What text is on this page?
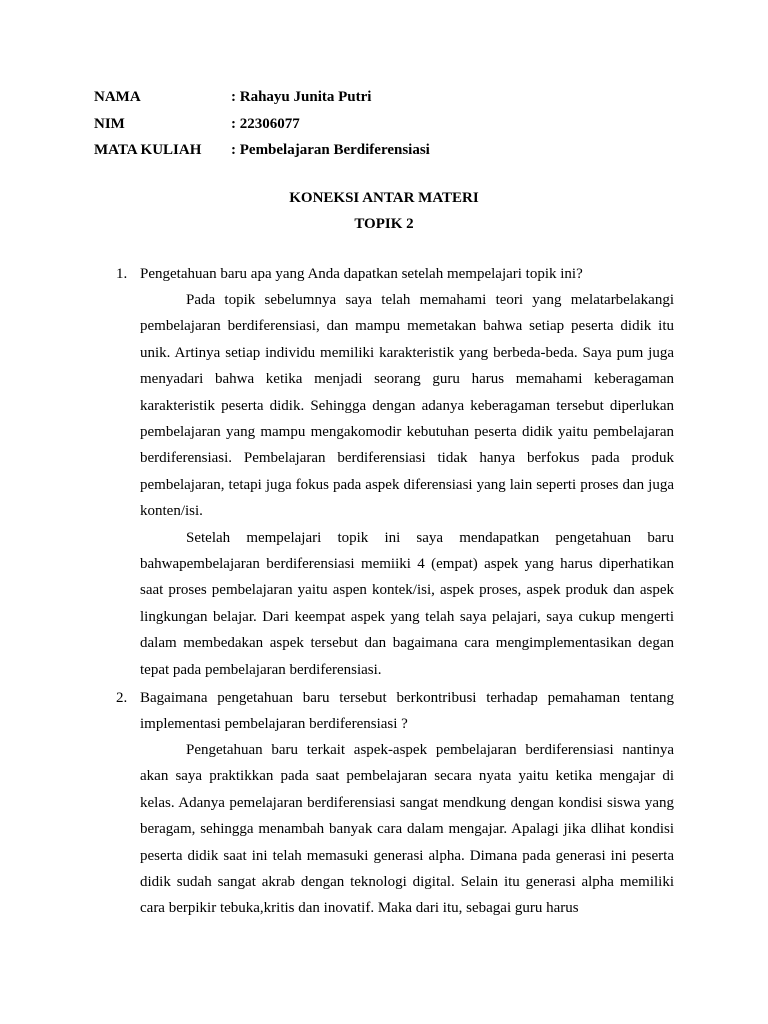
NAMA	: Rahayu Junita Putri
NIM	: 22306077
MATA KULIAH	: Pembelajaran Berdiferensiasi
KONEKSI ANTAR MATERI
TOPIK 2
1. Pengetahuan baru apa yang Anda dapatkan setelah mempelajari topik ini?

Pada topik sebelumnya saya telah memahami teori yang melatarbelakangi pembelajaran berdiferensiasi, dan mampu memetakan bahwa setiap peserta didik itu unik. Artinya setiap individu memiliki karakteristik yang berbeda-beda. Saya pum juga menyadari bahwa ketika menjadi seorang guru harus memahami keberagaman karakteristik peserta didik. Sehingga dengan adanya keberagaman tersebut diperlukan pembelajaran yang mampu mengakomodir kebutuhan peserta didik yaitu pembelajaran berdiferensiasi. Pembelajaran berdiferensiasi tidak hanya berfokus pada produk pembelajaran, tetapi juga fokus pada aspek diferensiasi yang lain seperti proses dan juga konten/isi.

Setelah mempelajari topik ini saya mendapatkan pengetahuan baru bahwapembelajaran berdiferensiasi memiiki 4 (empat) aspek yang harus diperhatikan saat proses pembelajaran yaitu aspen kontek/isi, aspek proses, aspek produk dan aspek lingkungan belajar. Dari keempat aspek yang telah saya pelajari, saya cukup mengerti dalam membedakan aspek tersebut dan bagaimana cara mengimplementasikan degan tepat pada pembelajaran berdiferensiasi.

2. Bagaimana pengetahuan baru tersebut berkontribusi terhadap pemahaman tentang implementasi pembelajaran berdiferensiasi ?

Pengetahuan baru terkait aspek-aspek pembelajaran berdiferensiasi nantinya akan saya praktikkan pada saat pembelajaran secara nyata yaitu ketika mengajar di kelas. Adanya pemelajaran berdiferensiasi sangat mendkung dengan kondisi siswa yang beragam, sehingga menambah banyak cara dalam mengajar. Apalagi jika dlihat kondisi peserta didik saat ini telah memasuki generasi alpha. Dimana pada generasi ini peserta didik sudah sangat akrab dengan teknologi digital. Selain itu generasi alpha memiliki cara berpikir tebuka,kritis dan inovatif. Maka dari itu, sebagai guru harus
